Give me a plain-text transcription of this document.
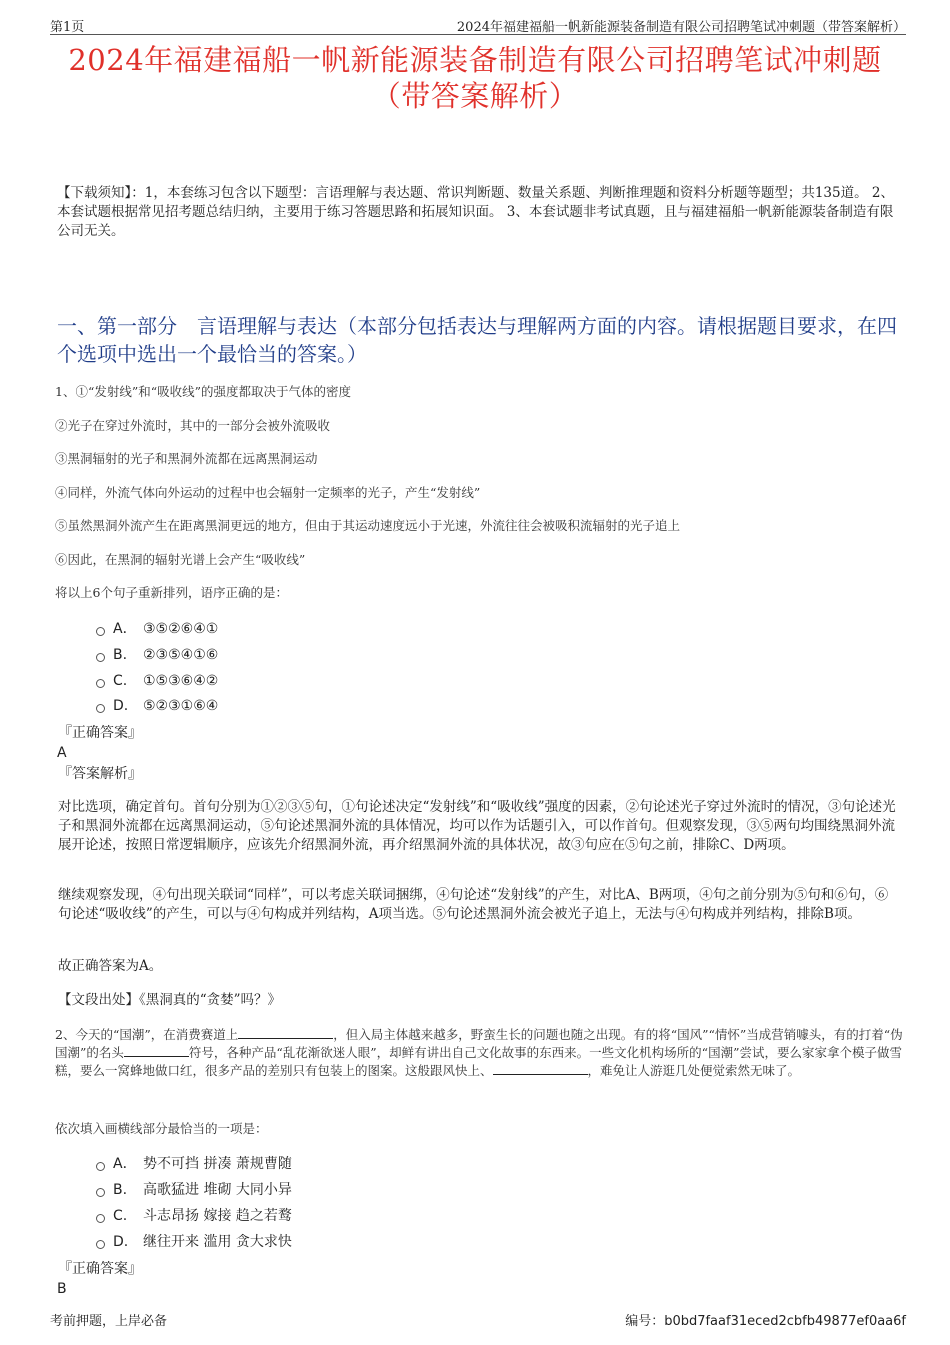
第1页	2024年福建福船一帆新能源装备制造有限公司招聘笔试冲刺题（带答案解析）
2024年福建福船一帆新能源装备制造有限公司招聘笔试冲刺题
（带答案解析）

【下载须知】：1，本套练习包含以下题型：言语理解与表达题、常识判断题、数量关系题、判断推理题和资料分析题等题型；共135道。 2、本套试题根据常见招考题总结归纳，主要用于练习答题思路和拓展知识面。 3、本套试题非考试真题，且与福建福船一帆新能源装备制造有限公司无关。

一、第一部分　言语理解与表达（本部分包括表达与理解两方面的内容。请根据题目要求，在四个选项中选出一个最恰当的答案。）

1、①“发射线”和“吸收线”的强度都取决于气体的密度

②光子在穿过外流时，其中的一部分会被外流吸收

③黑洞辐射的光子和黑洞外流都在远离黑洞运动

④同样，外流气体向外运动的过程中也会辐射一定频率的光子，产生“发射线”

⑤虽然黑洞外流产生在距离黑洞更远的地方，但由于其运动速度远小于光速，外流往往会被吸积流辐射的光子追上

⑥因此，在黑洞的辐射光谱上会产生“吸收线”

将以上6个句子重新排列，语序正确的是：

A． ③⑤②⑥④①
B. ②③⑤④①⑥
C. ①⑤③⑥④②
D. ⑤②③①⑥④
『正确答案』
A
『答案解析』

对比选项，确定首句。首句分别为①②③⑤句，①句论述决定“发射线”和“吸收线”强度的因素，②句论述光子穿过外流时的情况，③句论述光子和黑洞外流都在远离黑洞运动，⑤句论述黑洞外流的具体情况，均可以作为话题引入，可以作首句。但观察发现，③⑤两句均围绕黑洞外流展开论述，按照日常逻辑顺序，应该先介绍黑洞外流，再介绍黑洞外流的具体状况，故③句应在⑤句之前，排除C、D两项。

继续观察发现，④句出现关联词“同样”，可以考虑关联词捆绑，④句论述“发射线”的产生，对比A、B两项，④句之前分别为⑤句和⑥句，⑥句论述“吸收线”的产生，可以与④句构成并列结构，A项当选。⑤句论述黑洞外流会被光子追上，无法与④句构成并列结构，排除B项。

故正确答案为A。

【文段出处】《黑洞真的“贪婪”吗？》

2、今天的“国潮”，在消费赛道上	，但入局主体越来越多，野蛮生长的问题也随之出现。有的将“国风”“情怀”当成营销噱头，有的打着“伪国潮”的名头	符号，各种产品“乱花渐欲迷人眼”，却鲜有讲出自己文化故事的东西来。一些文化机构场所的“国潮”尝试，要么家家拿个模子做雪糕，要么一窝蜂地做口红，很多产品的差别只有包装上的图案。这般跟风快上、	，难免让人游逛几处便觉索然无味了。

依次填入画横线部分最恰当的一项是：

A． 势不可挡 拼凑 萧规曹随
B. 高歌猛进 堆砌 大同小异
C. 斗志昂扬 嫁接 趋之若鹜
D. 继往开来 滥用 贪大求快
『正确答案』
B
考前押题，上岸必备	编号：b0bd7faaf31eced2cbfb49877ef0aa6f
